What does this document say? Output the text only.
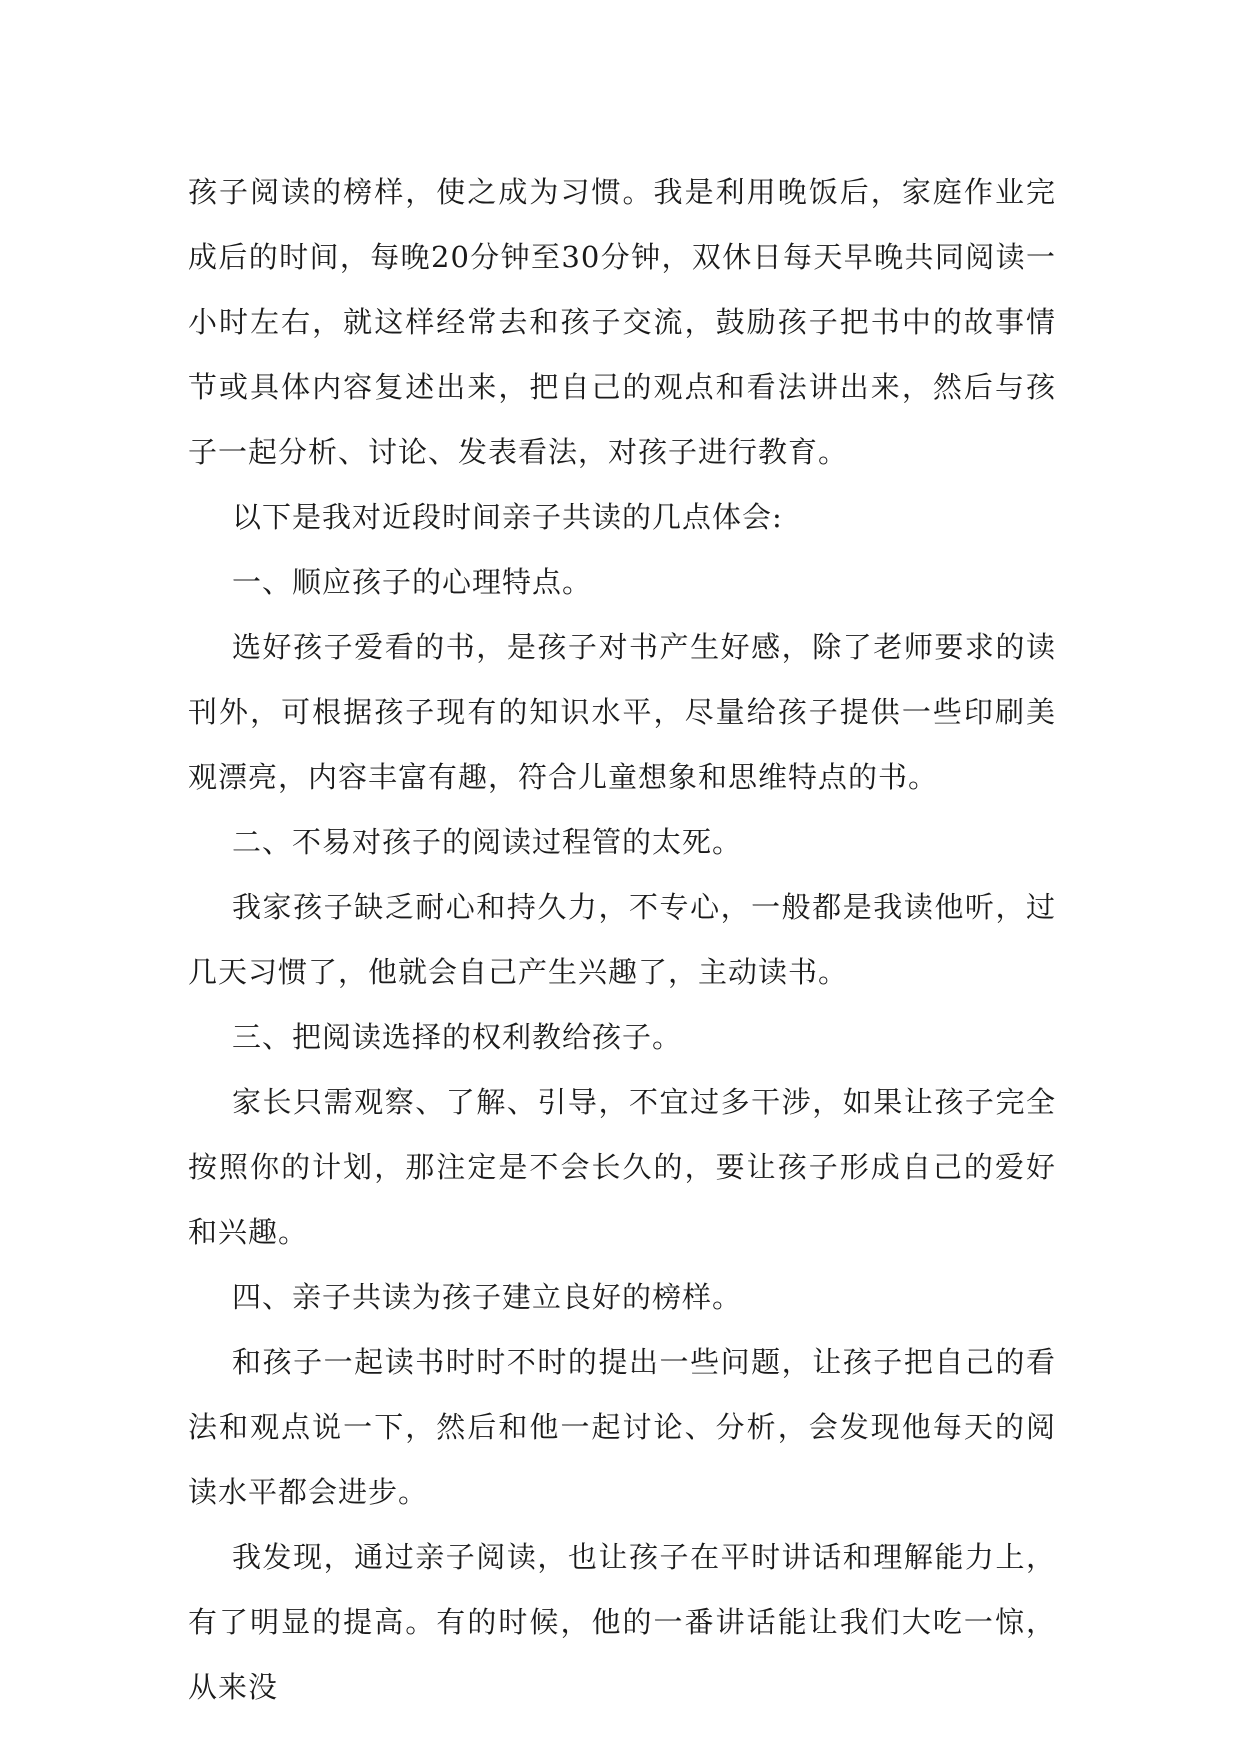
孩子阅读的榜样，使之成为习惯。我是利用晚饭后，家庭作业完成后的时间，每晚20分钟至30分钟，双休日每天早晚共同阅读一小时左右，就这样经常去和孩子交流，鼓励孩子把书中的故事情节或具体内容复述出来，把自己的观点和看法讲出来，然后与孩子一起分析、讨论、发表看法，对孩子进行教育。

以下是我对近段时间亲子共读的几点体会:

一、顺应孩子的心理特点。

选好孩子爱看的书，是孩子对书产生好感，除了老师要求的读刊外，可根据孩子现有的知识水平，尽量给孩子提供一些印刷美观漂亮，内容丰富有趣，符合儿童想象和思维特点的书。

二、不易对孩子的阅读过程管的太死。

我家孩子缺乏耐心和持久力，不专心，一般都是我读他听，过几天习惯了，他就会自己产生兴趣了，主动读书。

三、把阅读选择的权利教给孩子。

家长只需观察、了解、引导，不宜过多干涉，如果让孩子完全按照你的计划，那注定是不会长久的，要让孩子形成自己的爱好和兴趣。

四、亲子共读为孩子建立良好的榜样。

和孩子一起读书时时不时的提出一些问题，让孩子把自己的看法和观点说一下，然后和他一起讨论、分析，会发现他每天的阅读水平都会进步。

我发现，通过亲子阅读，也让孩子在平时讲话和理解能力上，有了明显的提高。有的时候，他的一番讲话能让我们大吃一惊，从来没
